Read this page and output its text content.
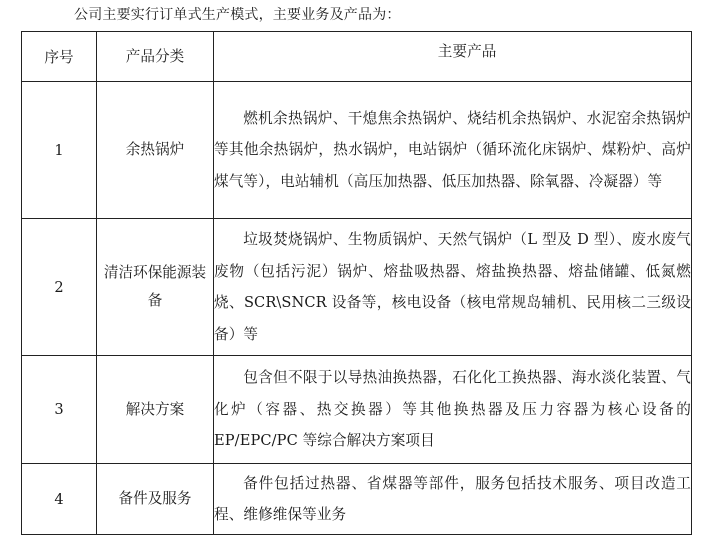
公司主要实行订单式生产模式，主要业务及产品为：
序号	产品分类	主要产品
1	余热锅炉	燃机余热锅炉、干熄焦余热锅炉、烧结机余热锅炉、水泥窑余热锅炉等其他余热锅炉，热水锅炉，电站锅炉（循环流化床锅炉、煤粉炉、高炉煤气等），电站辅机（高压加热器、低压加热器、除氧器、冷凝器）等
2	清洁环保能源装备	垃圾焚烧锅炉、生物质锅炉、天然气锅炉（L 型及 D 型）、废水废气废物（包括污泥）锅炉、熔盐吸热器、熔盐换热器、熔盐储罐、低氮燃烧、SCR\SNCR 设备等，核电设备（核电常规岛辅机、民用核二三级设备）等
3	解决方案	包含但不限于以导热油换热器，石化化工换热器、海水淡化装置、气化炉（容器、热交换器）等其他换热器及压力容器为核心设备的 EP/EPC/PC 等综合解决方案项目
4	备件及服务	备件包括过热器、省煤器等部件，服务包括技术服务、项目改造工程、维修维保等业务
